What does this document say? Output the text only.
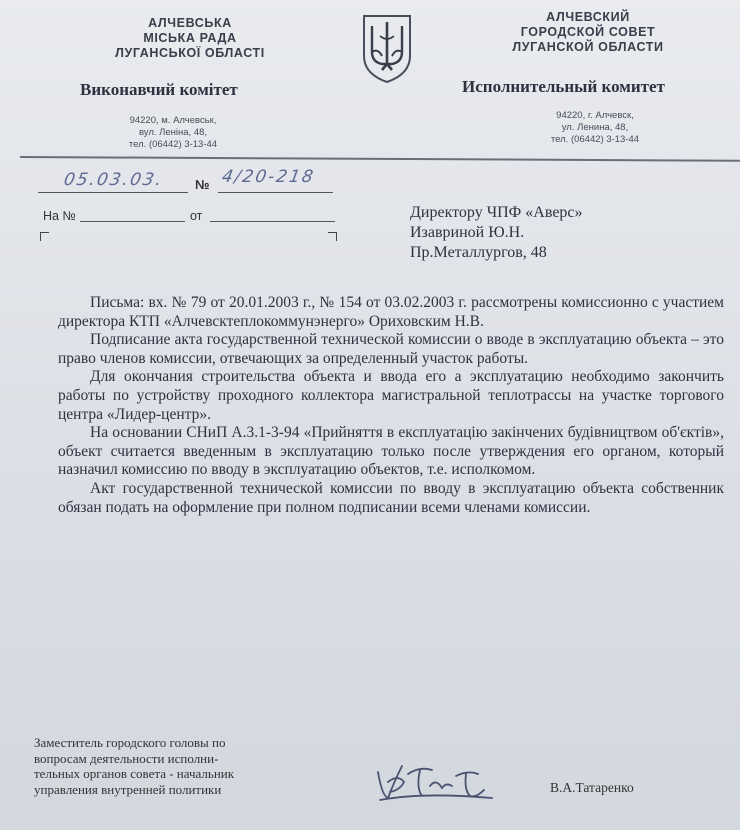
АЛЧЕВСЬКА
МІСЬКА РАДА
ЛУГАНСЬКОЇ ОБЛАСТІ
Виконавчий комітет
94220, м. Алчевськ,
вул. Леніна, 48,
тел. (06442) 3-13-44
АЛЧЕВСКИЙ
ГОРОДСКОЙ СОВЕТ
ЛУГАНСКОЙ ОБЛАСТИ
Исполнительный комитет
94220, г. Алчевск,
ул. Ленина, 48,
тел. (06442) 3-13-44
05.03.03. № 4/20-218
На №	от	Директору ЧПФ «Аверс»
Изавриной Ю.Н.
Пр.Металлургов, 48

Письма: вх. № 79 от 20.01.2003 г., № 154 от 03.02.2003 г. рассмотрены комиссионно с участием директора КТП «Алчевсктеплокоммунэнерго» Ориховским Н.В.

Подписание акта государственной технической комиссии о вводе в эксплуатацию объекта – это право членов комиссии, отвечающих за определенный участок работы.

Для окончания строительства объекта и ввода его а эксплуатацию необходимо закончить работы по устройству проходного коллектора магистральной теплотрассы на участке торгового центра «Лидер-центр».

На основании СНиП А.3.1-3-94 «Прийняття в експлуатацію закінчених будівництвом об'єктів», объект считается введенным в эксплуатацию только после утверждения его органом, который назначил комиссию по вводу в эксплуатацию объектов, т.е. исполкомом.

Акт государственной технической комиссии по вводу в эксплуатацию объекта собственник обязан подать на оформление при полном подписании всеми членами комиссии.

Заместитель городского головы по
вопросам деятельности исполни-
тельных органов совета - начальник
управления внутренней политики	В.А.Татаренко
